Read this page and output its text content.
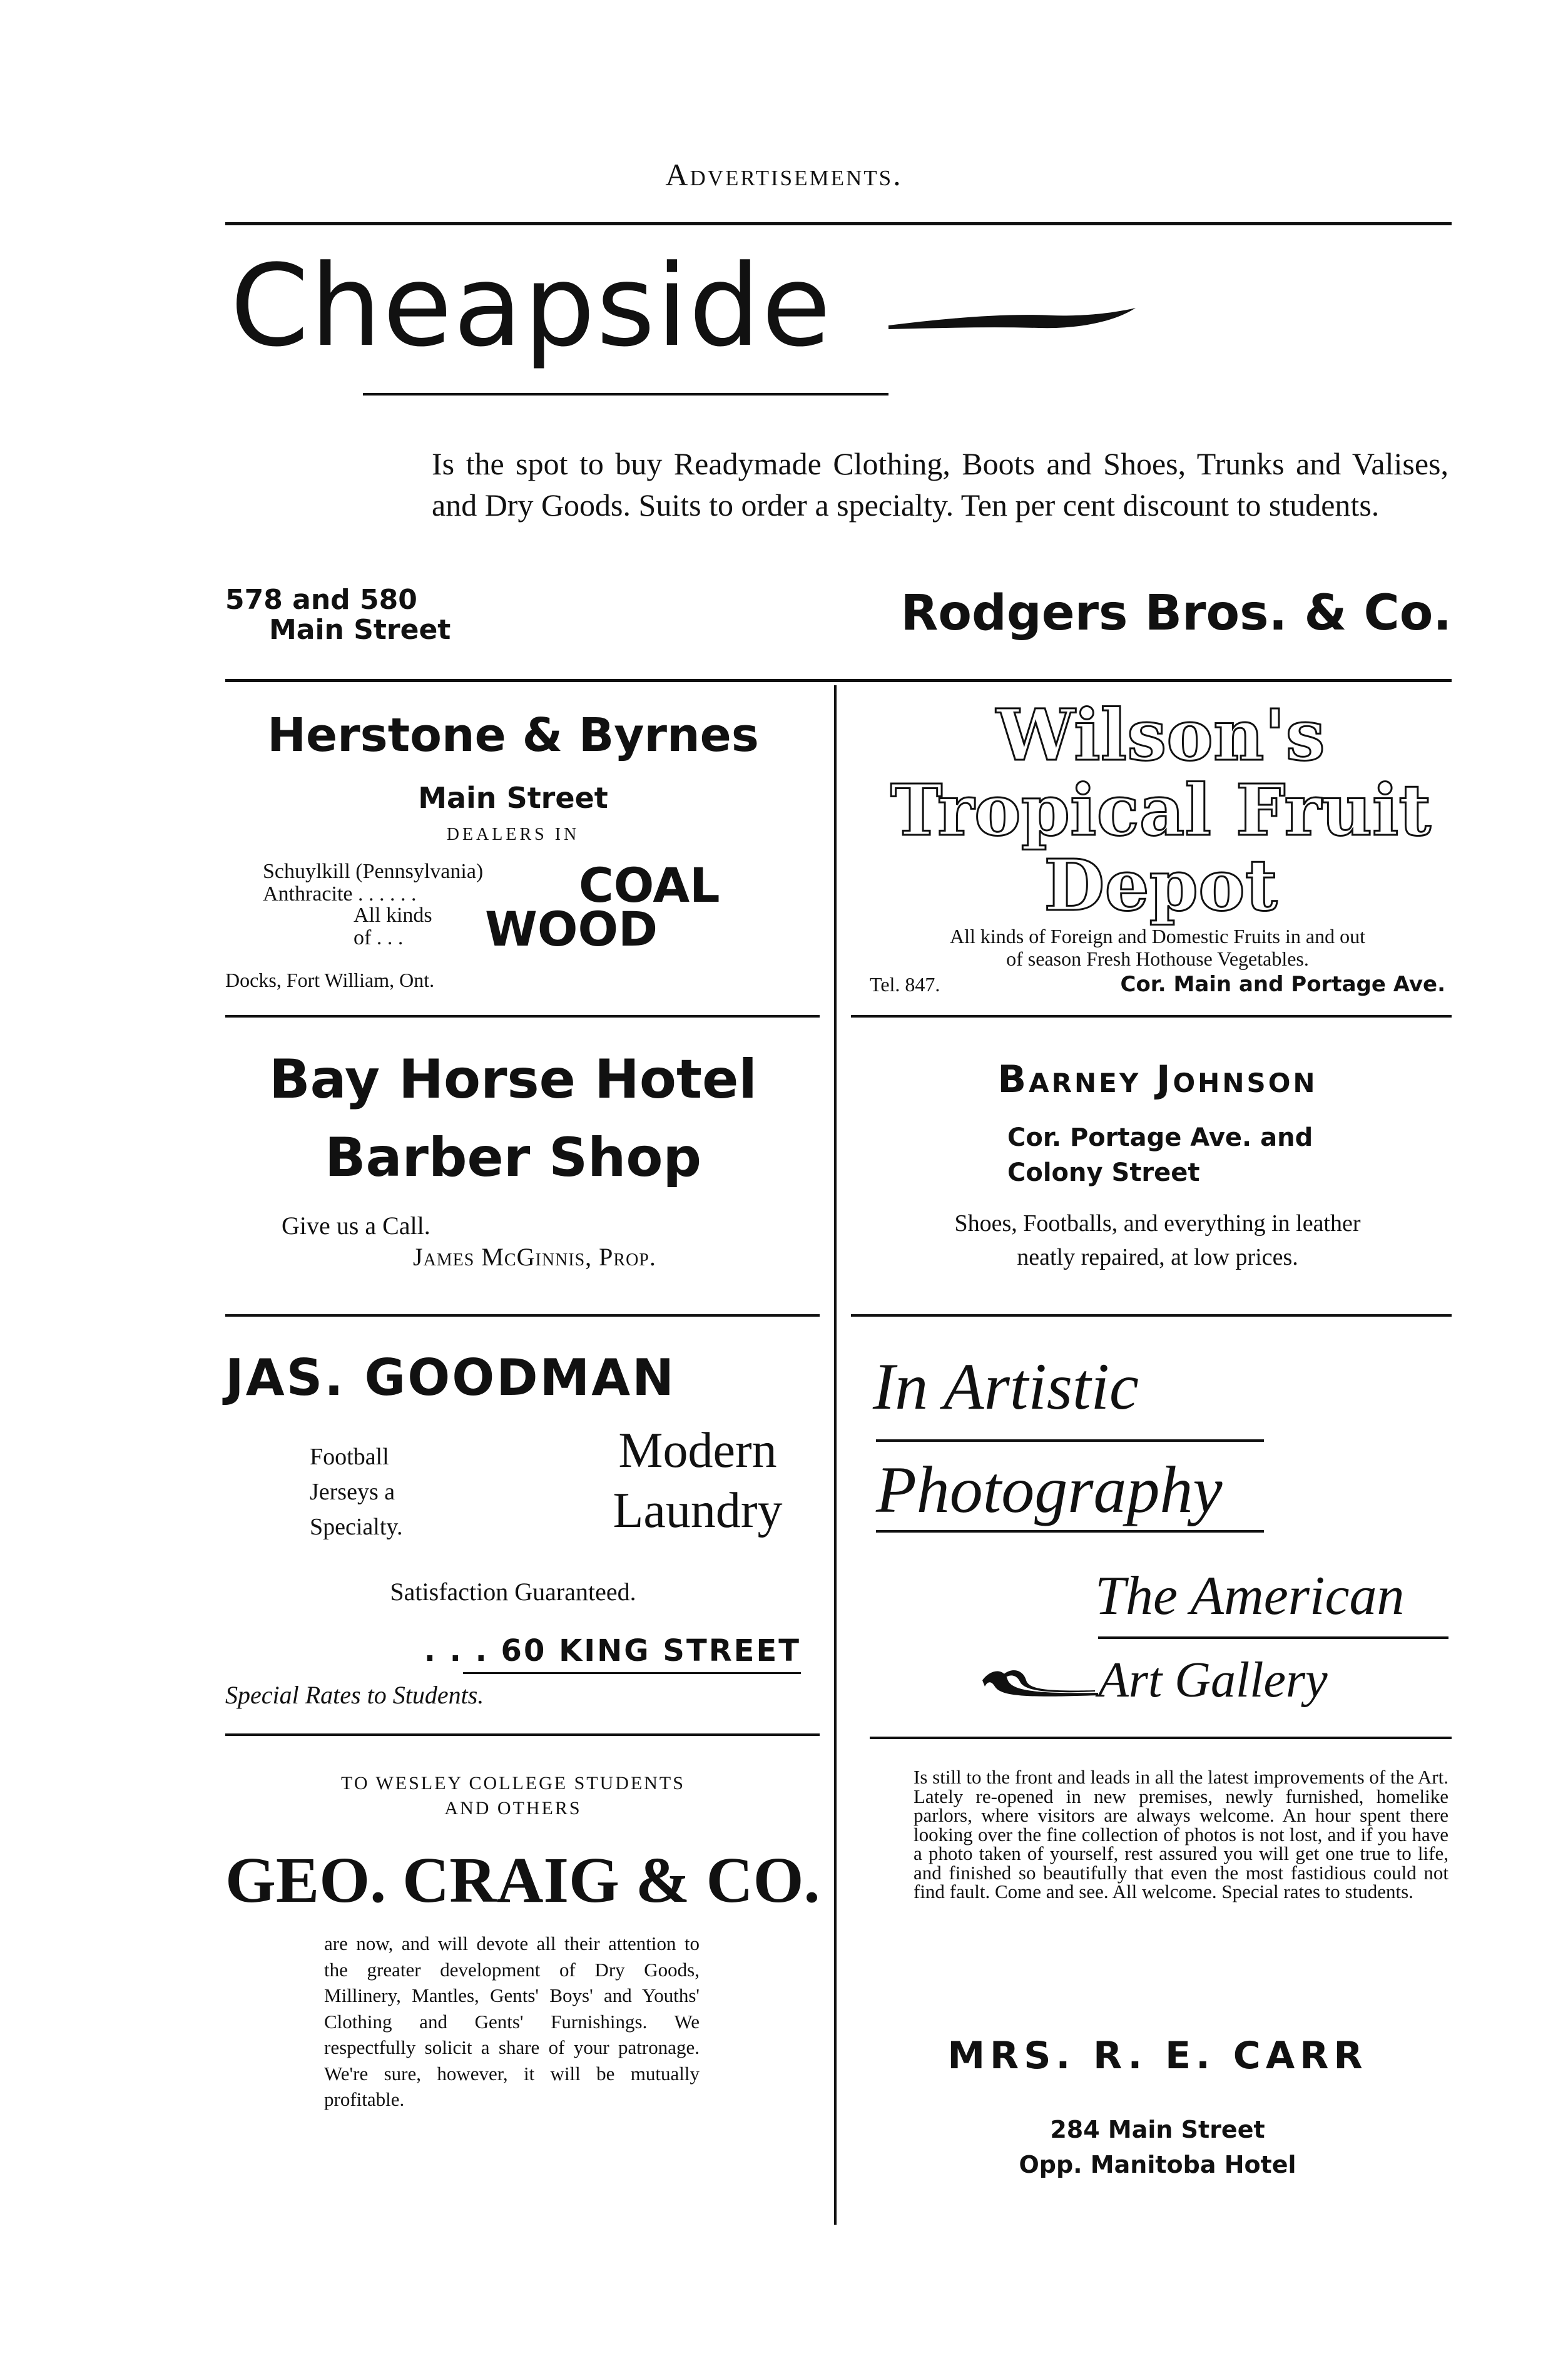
Advertisements.
Cheapside
Is the spot to buy Readymade Clothing, Boots and Shoes, Trunks and Valises, and Dry Goods. Suits to order a specialty. Ten per cent discount to students.
578 and 580
Main Street	Rodgers Bros. & Co.
Herstone & Byrnes
Main Street
DEALERS IN
Schuylkill (Pennsylvania)
Anthracite . . . . . .	COAL
All kinds
of . . .	WOOD
Docks, Fort William, Ont.
Wilson's
Tropical Fruit
Depot
All kinds of Foreign and Domestic Fruits in and out
of season Fresh Hothouse Vegetables.
Tel. 847.	Cor. Main and Portage Ave.
Bay Horse Hotel
Barber Shop
Give us a Call.
James McGinnis, Prop.
Barney Johnson
Cor. Portage Ave. and
Colony Street
Shoes, Footballs, and everything in leather
neatly repaired, at low prices.
JAS. GOODMAN
Football
Jerseys a
Specialty.
Modern
Laundry
Satisfaction Guaranteed.
. . . 60 KING STREET
Special Rates to Students.
TO WESLEY COLLEGE STUDENTS
AND OTHERS
GEO. CRAIG & CO.
are now, and will devote all their attention to the greater development of Dry Goods, Millinery, Mantles, Gents' Boys' and Youths' Clothing and Gents' Furnishings. We respectfully solicit a share of your patronage. We're sure, however, it will be mutually profitable.
In Artistic
Photography
The American
Art Gallery
Is still to the front and leads in all the latest improvements of the Art. Lately re-opened in new premises, newly furnished, homelike parlors, where visitors are always welcome. An hour spent there looking over the fine collection of photos is not lost, and if you have a photo taken of yourself, rest assured you will get one true to life, and finished so beautifully that even the most fastidious could not find fault. Come and see. All welcome. Special rates to students.
MRS. R. E. CARR
284 Main Street
Opp. Manitoba Hotel
